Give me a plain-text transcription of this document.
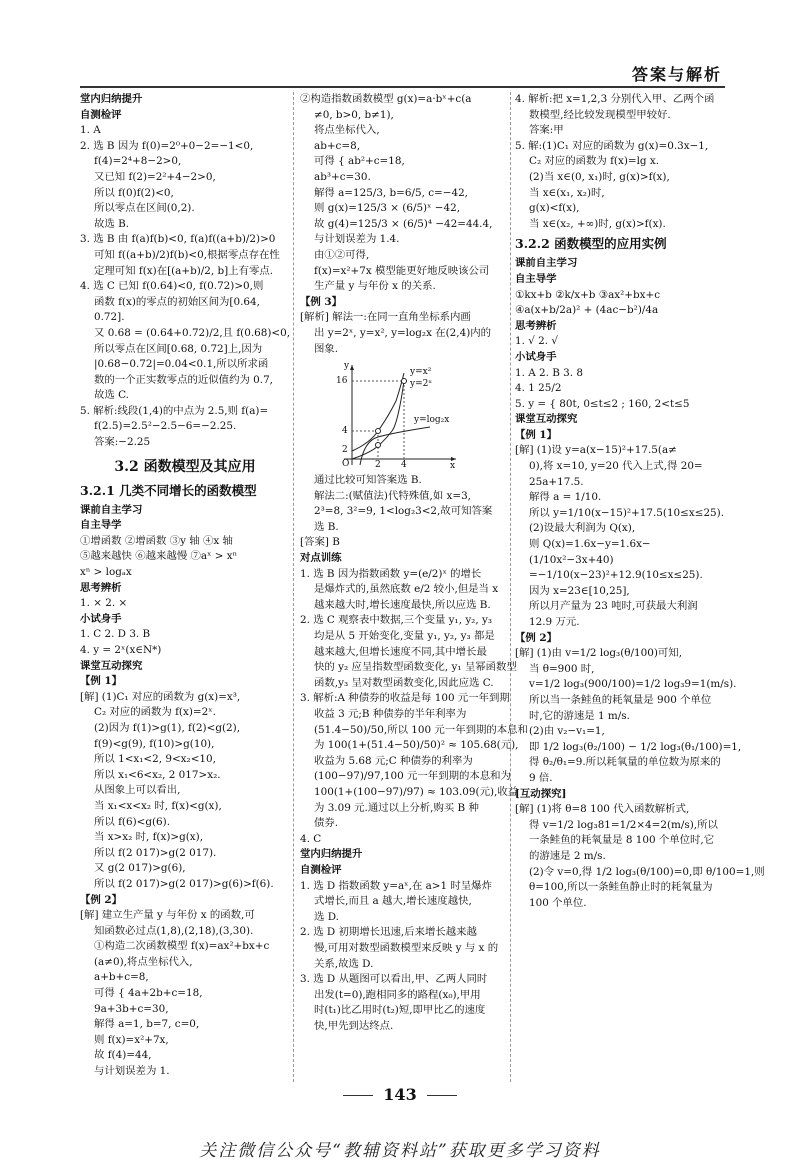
答案与解析
堂内归纳提升
自测检评
1. A
2. 选 B 因为 f(0)=2⁰+0−2=−1<0,
f(4)=2⁴+8−2>0,
又已知 f(2)=2²+4−2>0,
所以 f(0)f(2)<0,
所以零点在区间(0,2).
故选 B.
3. 选 B 由 f(a)f(b)<0, f(a)f((a+b)/2)>0
可知 f((a+b)/2)f(b)<0,根据零点存在性
定理可知 f(x)在[(a+b)/2, b]上有零点.
4. 选 C 已知 f(0.64)<0, f(0.72)>0,则
函数 f(x)的零点的初始区间为[0.64,
0.72].
又 0.68 = (0.64+0.72)/2,且 f(0.68)<0,
所以零点在区间[0.68, 0.72]上,因为
|0.68−0.72|=0.04<0.1,所以所求函
数的一个正实数零点的近似值约为 0.7,
故选 C.
5. 解析:线段(1,4)的中点为 2.5,则 f(a)=
f(2.5)=2.5²−2.5−6=−2.25.
答案:−2.25
3.2 函数模型及其应用
3.2.1 几类不同增长的函数模型
课前自主学习
自主导学
①增函数 ②增函数 ③y 轴 ④x 轴
⑤越来越快 ⑥越来越慢 ⑦aˣ > xⁿ
xⁿ > logₐx
思考辨析
1. × 2. ×
小试身手
1. C 2. D 3. B
4. y = 2ˣ(x∈N*)
课堂互动探究
【例 1】
[解] (1)C₁ 对应的函数为 g(x)=x³,
C₂ 对应的函数为 f(x)=2ˣ.
(2)因为 f(1)>g(1), f(2)<g(2),
f(9)<g(9), f(10)>g(10),
所以 1<x₁<2, 9<x₂<10,
所以 x₁<6<x₂, 2 017>x₂.
从图象上可以看出,
当 x₁<x<x₂ 时, f(x)<g(x),
所以 f(6)<g(6).
当 x>x₂ 时, f(x)>g(x),
所以 f(2 017)>g(2 017).
又 g(2 017)>g(6),
所以 f(2 017)>g(2 017)>g(6)>f(6).
【例 2】
[解] 建立生产量 y 与年份 x 的函数,可
知函数必过点(1,8),(2,18),(3,30).
①构造二次函数模型 f(x)=ax²+bx+c
(a≠0),将点坐标代入,
a+b+c=8,
可得 { 4a+2b+c=18,
9a+3b+c=30,
解得 a=1, b=7, c=0,
则 f(x)=x²+7x,
故 f(4)=44,
与计划误差为 1.
②构造指数函数模型 g(x)=a·bˣ+c(a
≠0, b>0, b≠1),
将点坐标代入,
ab+c=8,
可得 { ab²+c=18,
ab³+c=30.
解得 a=125/3, b=6/5, c=−42,
则 g(x)=125/3 × (6/5)ˣ −42,
故 g(4)=125/3 × (6/5)⁴ −42=44.4,
与计划误差为 1.4.
由①②可得,
f(x)=x²+7x 模型能更好地反映该公司
生产量 y 与年份 x 的关系.
【例 3】
[解析] 解法一:在同一直角坐标系内画
出 y=2ˣ, y=x², y=log₂x 在(2,4)内的
图象.
y
x
y=x²
y=2ˣ
y=log₂x
16
4
2
O	2 4
通过比较可知答案选 B.
解法二:(赋值法)代特殊值,如 x=3,
2³=8, 3²=9, 1<log₂3<2,故可知答案
选 B.
[答案] B
对点训练
1. 选 B 因为指数函数 y=(e/2)ˣ 的增长
是爆炸式的,虽然底数 e/2 较小,但是当 x
越来越大时,增长速度最快,所以应选 B.
2. 选 C 观察表中数据,三个变量 y₁, y₂, y₃
均是从 5 开始变化,变量 y₁, y₂, y₃ 都是
越来越大,但增长速度不同,其中增长最
快的 y₂ 应呈指数型函数变化, y₁ 呈幂函数型
函数,y₃ 呈对数型函数变化,因此应选 C.
3. 解析:A 种债券的收益是每 100 元一年到期
收益 3 元;B 种债券的半年利率为
(51.4−50)/50,所以 100 元一年到期的本息和
为 100(1+(51.4−50)/50)² ≈ 105.68(元),
收益为 5.68 元;C 种债券的利率为
(100−97)/97,100 元一年到期的本息和为
100(1+(100−97)/97) ≈ 103.09(元),收益
为 3.09 元.通过以上分析,购买 B 种
债券.
4. C
堂内归纳提升
自测检评
1. 选 D 指数函数 y=aˣ,在 a>1 时呈爆炸
式增长,而且 a 越大,增长速度越快,
选 D.
2. 选 D 初期增长迅速,后来增长越来越
慢,可用对数型函数模型来反映 y 与 x 的
关系,故选 D.
3. 选 D 从题图可以看出,甲、乙两人同时
出发(t=0),跑相同多的路程(x₀),甲用
时(t₁)比乙用时(t₂)短,即甲比乙的速度
快,甲先到达终点.
4. 解析:把 x=1,2,3 分别代入甲、乙两个函
数模型,经比较发现模型甲较好.
答案:甲
5. 解:(1)C₁ 对应的函数为 g(x)=0.3x−1,
C₂ 对应的函数为 f(x)=lg x.
(2)当 x∈(0, x₁)时, g(x)>f(x),
当 x∈(x₁, x₂)时,
g(x)<f(x),
当 x∈(x₂, +∞)时, g(x)>f(x).
3.2.2 函数模型的应用实例
课前自主学习
自主导学
①kx+b ②k/x+b ③ax²+bx+c
④a(x+b/2a)² + (4ac−b²)/4a
思考辨析
1. √ 2. √
小试身手
1. A 2. B 3. 8
4. 1 25/2
5. y = { 80t, 0≤t≤2 ; 160, 2<t≤5
课堂互动探究
【例 1】
[解] (1)设 y=a(x−15)²+17.5(a≠
0),将 x=10, y=20 代入上式,得 20=
25a+17.5.
解得 a = 1/10.
所以 y=1/10(x−15)²+17.5(10≤x≤25).
(2)设最大利润为 Q(x),
则 Q(x)=1.6x−y=1.6x−
(1/10x²−3x+40)
=−1/10(x−23)²+12.9(10≤x≤25).
因为 x=23∈[10,25],
所以月产量为 23 吨时,可获最大利润
12.9 万元.
【例 2】
[解] (1)由 v=1/2 log₃(θ/100)可知,
当 θ=900 时,
v=1/2 log₃(900/100)=1/2 log₃9=1(m/s).
所以当一条鲑鱼的耗氧量是 900 个单位
时,它的游速是 1 m/s.
(2)由 v₂−v₁=1,
即 1/2 log₃(θ₂/100) − 1/2 log₃(θ₁/100)=1,
得 θ₂/θ₁=9.所以耗氧量的单位数为原来的
9 倍.
[互动探究]
[解] (1)将 θ=8 100 代入函数解析式,
得 v=1/2 log₃81=1/2×4=2(m/s),所以
一条鲑鱼的耗氧量是 8 100 个单位时,它
的游速是 2 m/s.
(2)令 v=0,得 1/2 log₃(θ/100)=0,即 θ/100=1,则
θ=100,所以一条鲑鱼静止时的耗氧量为
100 个单位.
143
关注微信公众号“教辅资料站”获取更多学习资料
